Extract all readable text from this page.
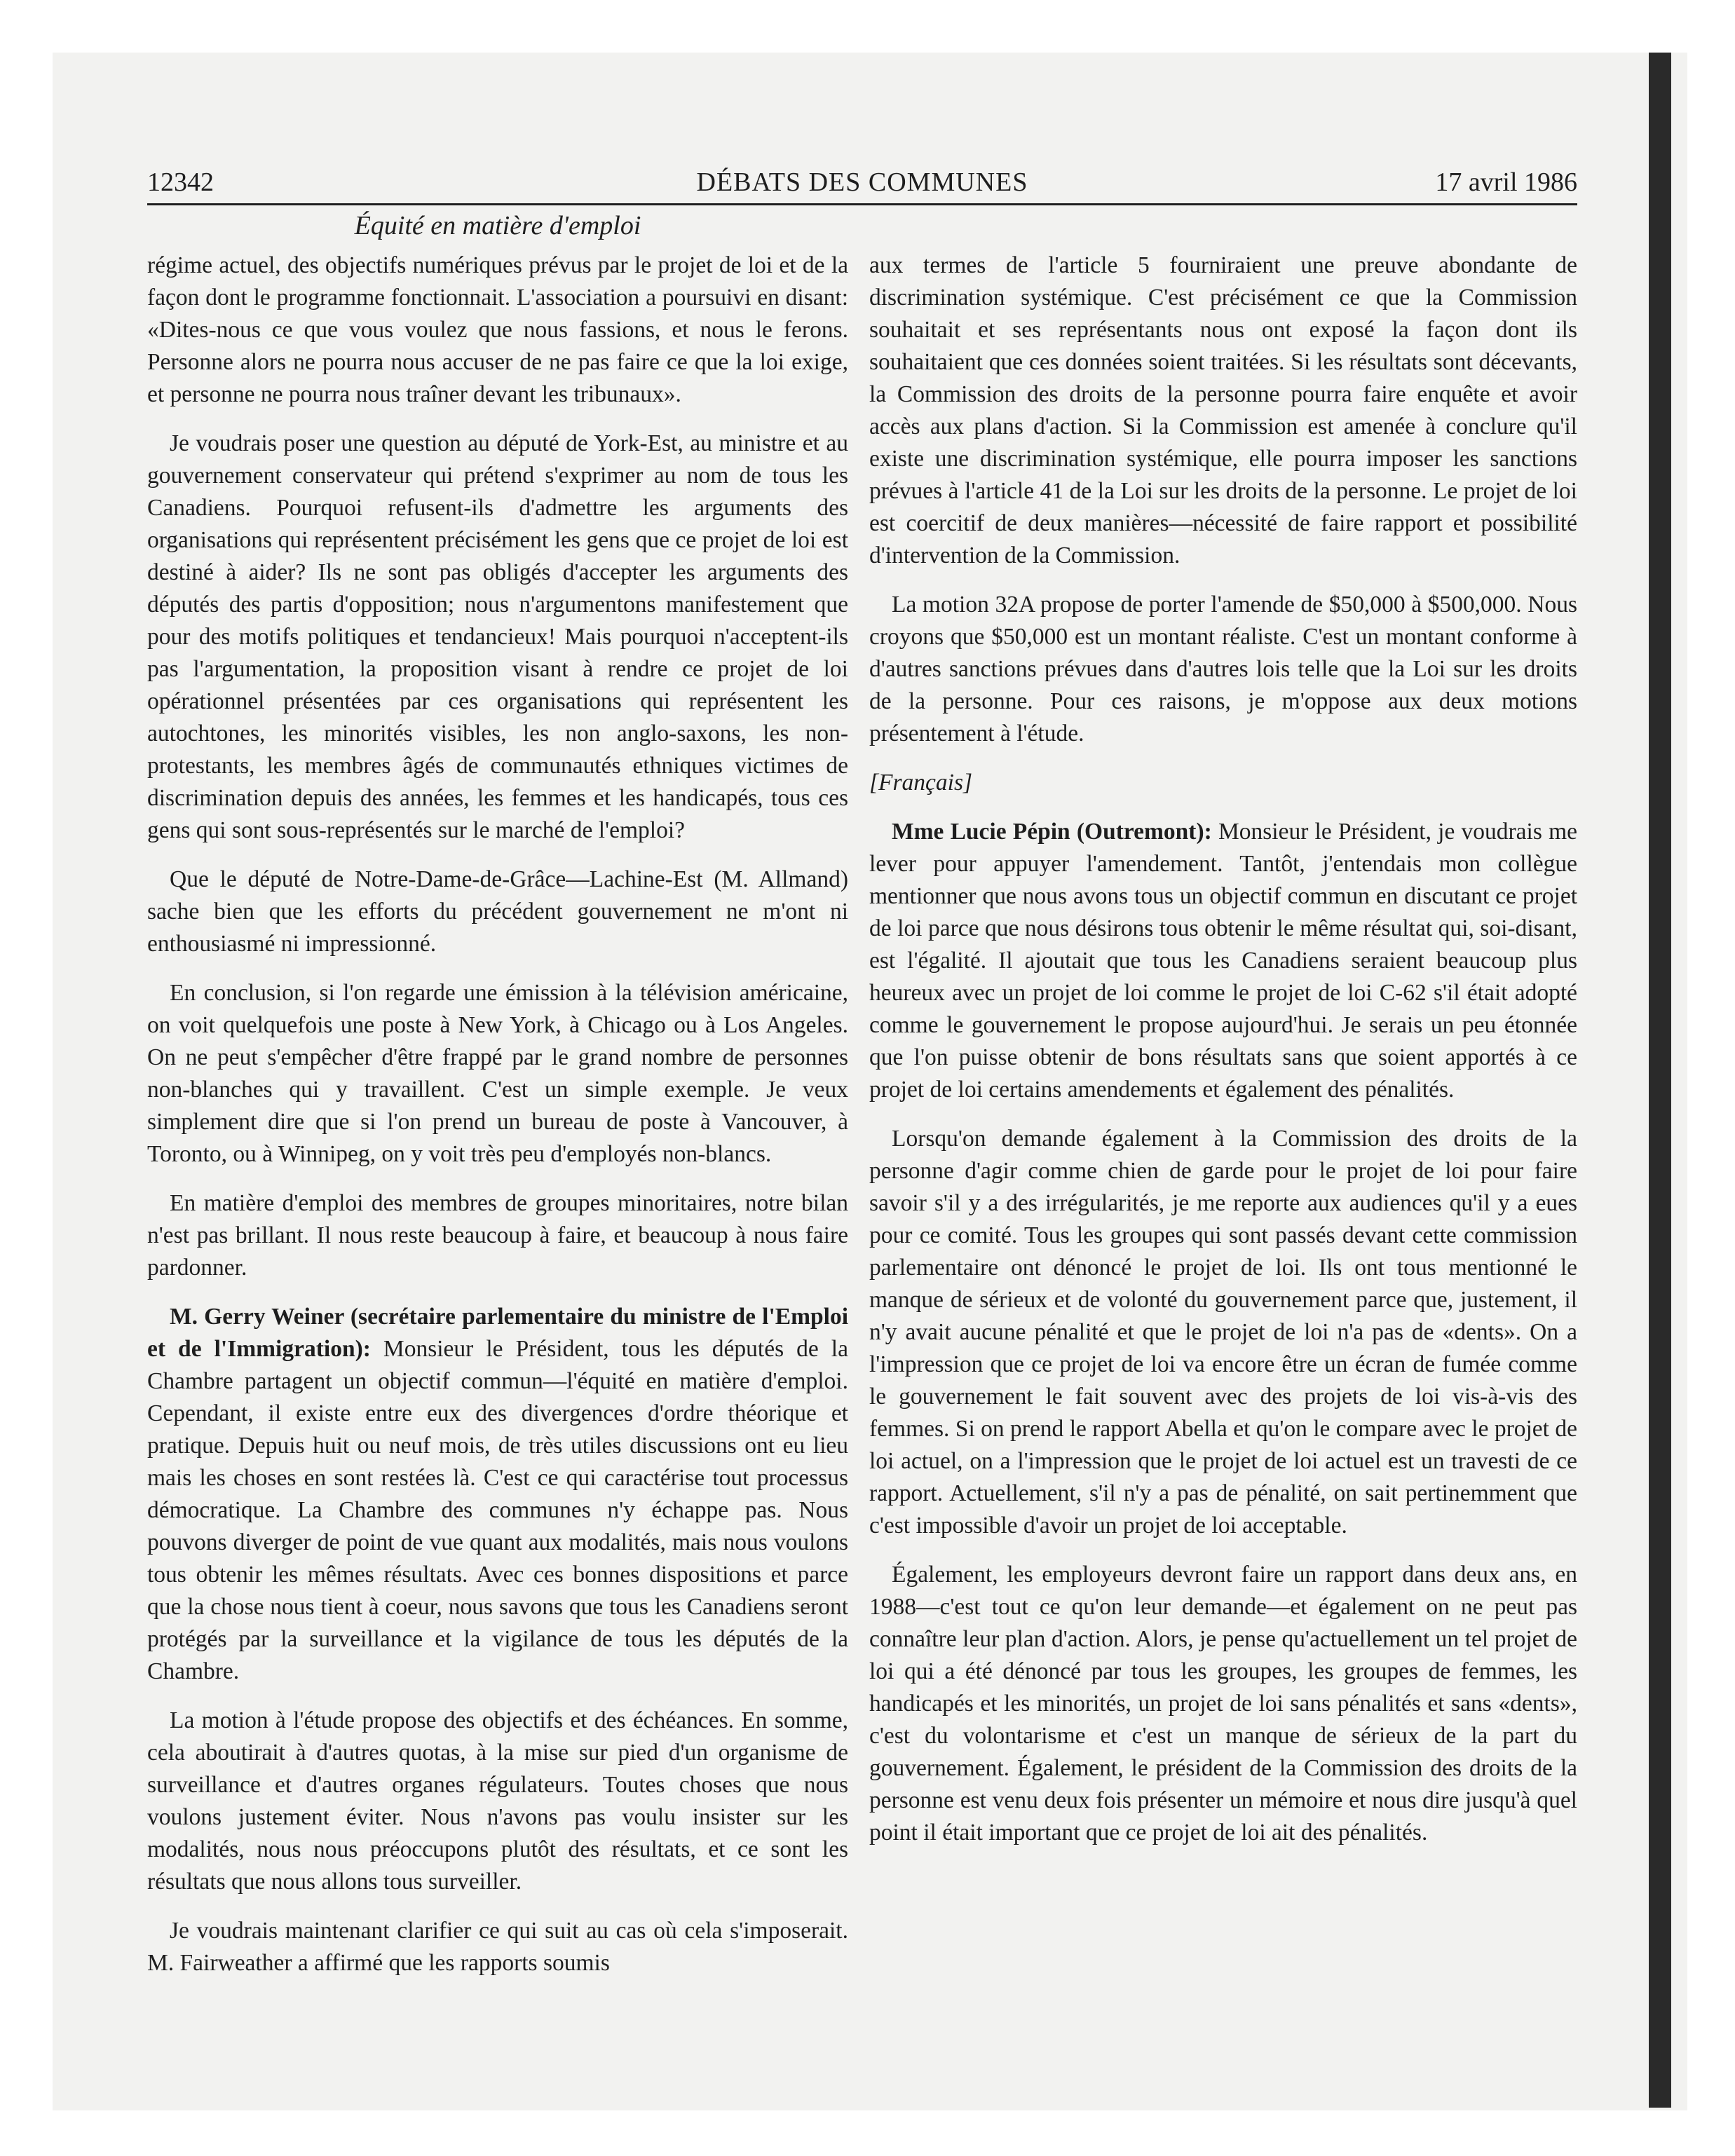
12342	DÉBATS DES COMMUNES	17 avril 1986
Équité en matière d'emploi

régime actuel, des objectifs numériques prévus par le projet de loi et de la façon dont le programme fonctionnait. L'association a poursuivi en disant: «Dites-nous ce que vous voulez que nous fassions, et nous le ferons. Personne alors ne pourra nous accuser de ne pas faire ce que la loi exige, et personne ne pourra nous traîner devant les tribunaux».

Je voudrais poser une question au député de York-Est, au ministre et au gouvernement conservateur qui prétend s'exprimer au nom de tous les Canadiens. Pourquoi refusent-ils d'admettre les arguments des organisations qui représentent précisément les gens que ce projet de loi est destiné à aider? Ils ne sont pas obligés d'accepter les arguments des députés des partis d'opposition; nous n'argumentons manifestement que pour des motifs politiques et tendancieux! Mais pourquoi n'acceptent-ils pas l'argumentation, la proposition visant à rendre ce projet de loi opérationnel présentées par ces organisations qui représentent les autochtones, les minorités visibles, les non anglo-saxons, les non-protestants, les membres âgés de communautés ethniques victimes de discrimination depuis des années, les femmes et les handicapés, tous ces gens qui sont sous-représentés sur le marché de l'emploi?

Que le député de Notre-Dame-de-Grâce—Lachine-Est (M. Allmand) sache bien que les efforts du précédent gouvernement ne m'ont ni enthousiasmé ni impressionné.

En conclusion, si l'on regarde une émission à la télévision américaine, on voit quelquefois une poste à New York, à Chicago ou à Los Angeles. On ne peut s'empêcher d'être frappé par le grand nombre de personnes non-blanches qui y travaillent. C'est un simple exemple. Je veux simplement dire que si l'on prend un bureau de poste à Vancouver, à Toronto, ou à Winnipeg, on y voit très peu d'employés non-blancs.

En matière d'emploi des membres de groupes minoritaires, notre bilan n'est pas brillant. Il nous reste beaucoup à faire, et beaucoup à nous faire pardonner.

M. Gerry Weiner (secrétaire parlementaire du ministre de l'Emploi et de l'Immigration): Monsieur le Président, tous les députés de la Chambre partagent un objectif commun—l'équité en matière d'emploi. Cependant, il existe entre eux des divergences d'ordre théorique et pratique. Depuis huit ou neuf mois, de très utiles discussions ont eu lieu mais les choses en sont restées là. C'est ce qui caractérise tout processus démocratique. La Chambre des communes n'y échappe pas. Nous pouvons diverger de point de vue quant aux modalités, mais nous voulons tous obtenir les mêmes résultats. Avec ces bonnes dispositions et parce que la chose nous tient à coeur, nous savons que tous les Canadiens seront protégés par la surveillance et la vigilance de tous les députés de la Chambre.

La motion à l'étude propose des objectifs et des échéances. En somme, cela aboutirait à d'autres quotas, à la mise sur pied d'un organisme de surveillance et d'autres organes régulateurs. Toutes choses que nous voulons justement éviter. Nous n'avons pas voulu insister sur les modalités, nous nous préoccupons plutôt des résultats, et ce sont les résultats que nous allons tous surveiller.

Je voudrais maintenant clarifier ce qui suit au cas où cela s'imposerait. M. Fairweather a affirmé que les rapports soumis

aux termes de l'article 5 fourniraient une preuve abondante de discrimination systémique. C'est précisément ce que la Commission souhaitait et ses représentants nous ont exposé la façon dont ils souhaitaient que ces données soient traitées. Si les résultats sont décevants, la Commission des droits de la personne pourra faire enquête et avoir accès aux plans d'action. Si la Commission est amenée à conclure qu'il existe une discrimination systémique, elle pourra imposer les sanctions prévues à l'article 41 de la Loi sur les droits de la personne. Le projet de loi est coercitif de deux manières—nécessité de faire rapport et possibilité d'intervention de la Commission.

La motion 32A propose de porter l'amende de $50,000 à $500,000. Nous croyons que $50,000 est un montant réaliste. C'est un montant conforme à d'autres sanctions prévues dans d'autres lois telle que la Loi sur les droits de la personne. Pour ces raisons, je m'oppose aux deux motions présentement à l'étude.

[Français]

Mme Lucie Pépin (Outremont): Monsieur le Président, je voudrais me lever pour appuyer l'amendement. Tantôt, j'entendais mon collègue mentionner que nous avons tous un objectif commun en discutant ce projet de loi parce que nous désirons tous obtenir le même résultat qui, soi-disant, est l'égalité. Il ajoutait que tous les Canadiens seraient beaucoup plus heureux avec un projet de loi comme le projet de loi C-62 s'il était adopté comme le gouvernement le propose aujourd'hui. Je serais un peu étonnée que l'on puisse obtenir de bons résultats sans que soient apportés à ce projet de loi certains amendements et également des pénalités.

Lorsqu'on demande également à la Commission des droits de la personne d'agir comme chien de garde pour le projet de loi pour faire savoir s'il y a des irrégularités, je me reporte aux audiences qu'il y a eues pour ce comité. Tous les groupes qui sont passés devant cette commission parlementaire ont dénoncé le projet de loi. Ils ont tous mentionné le manque de sérieux et de volonté du gouvernement parce que, justement, il n'y avait aucune pénalité et que le projet de loi n'a pas de «dents». On a l'impression que ce projet de loi va encore être un écran de fumée comme le gouvernement le fait souvent avec des projets de loi vis-à-vis des femmes. Si on prend le rapport Abella et qu'on le compare avec le projet de loi actuel, on a l'impression que le projet de loi actuel est un travesti de ce rapport. Actuellement, s'il n'y a pas de pénalité, on sait pertinemment que c'est impossible d'avoir un projet de loi acceptable.

Également, les employeurs devront faire un rapport dans deux ans, en 1988—c'est tout ce qu'on leur demande—et également on ne peut pas connaître leur plan d'action. Alors, je pense qu'actuellement un tel projet de loi qui a été dénoncé par tous les groupes, les groupes de femmes, les handicapés et les minorités, un projet de loi sans pénalités et sans «dents», c'est du volontarisme et c'est un manque de sérieux de la part du gouvernement. Également, le président de la Commission des droits de la personne est venu deux fois présenter un mémoire et nous dire jusqu'à quel point il était important que ce projet de loi ait des pénalités.
